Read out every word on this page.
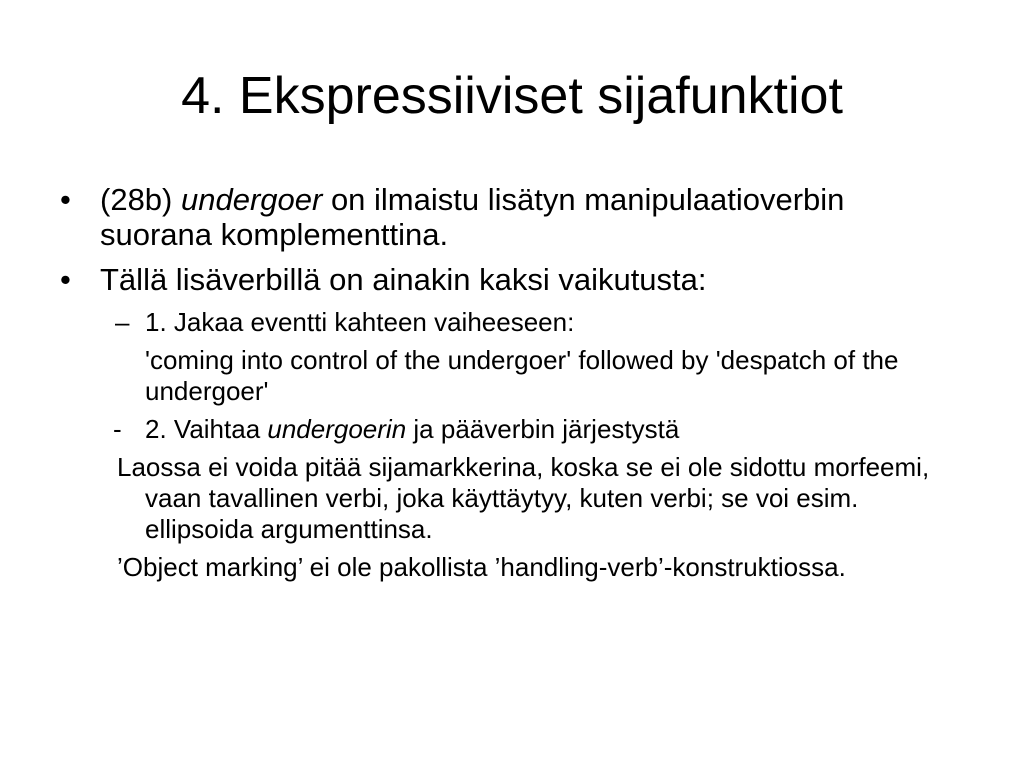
4. Ekspressiiviset sijafunktiot
• (28b) undergoer on ilmaistu lisätyn manipulaatioverbin suorana komplementtina.
• Tällä lisäverbillä on ainakin kaksi vaikutusta:
– 1. Jakaa eventti kahteen vaiheeseen:
'coming into control of the undergoer' followed by 'despatch of the undergoer'
- 2. Vaihtaa undergoerin ja pääverbin järjestystä
Laossa ei voida pitää sijamarkkerina, koska se ei ole sidottu morfeemi, vaan tavallinen verbi, joka käyttäytyy, kuten verbi; se voi esim. ellipsoida argumenttinsa.
’Object marking’ ei ole pakollista ’handling-verb’-konstruktiossa.
